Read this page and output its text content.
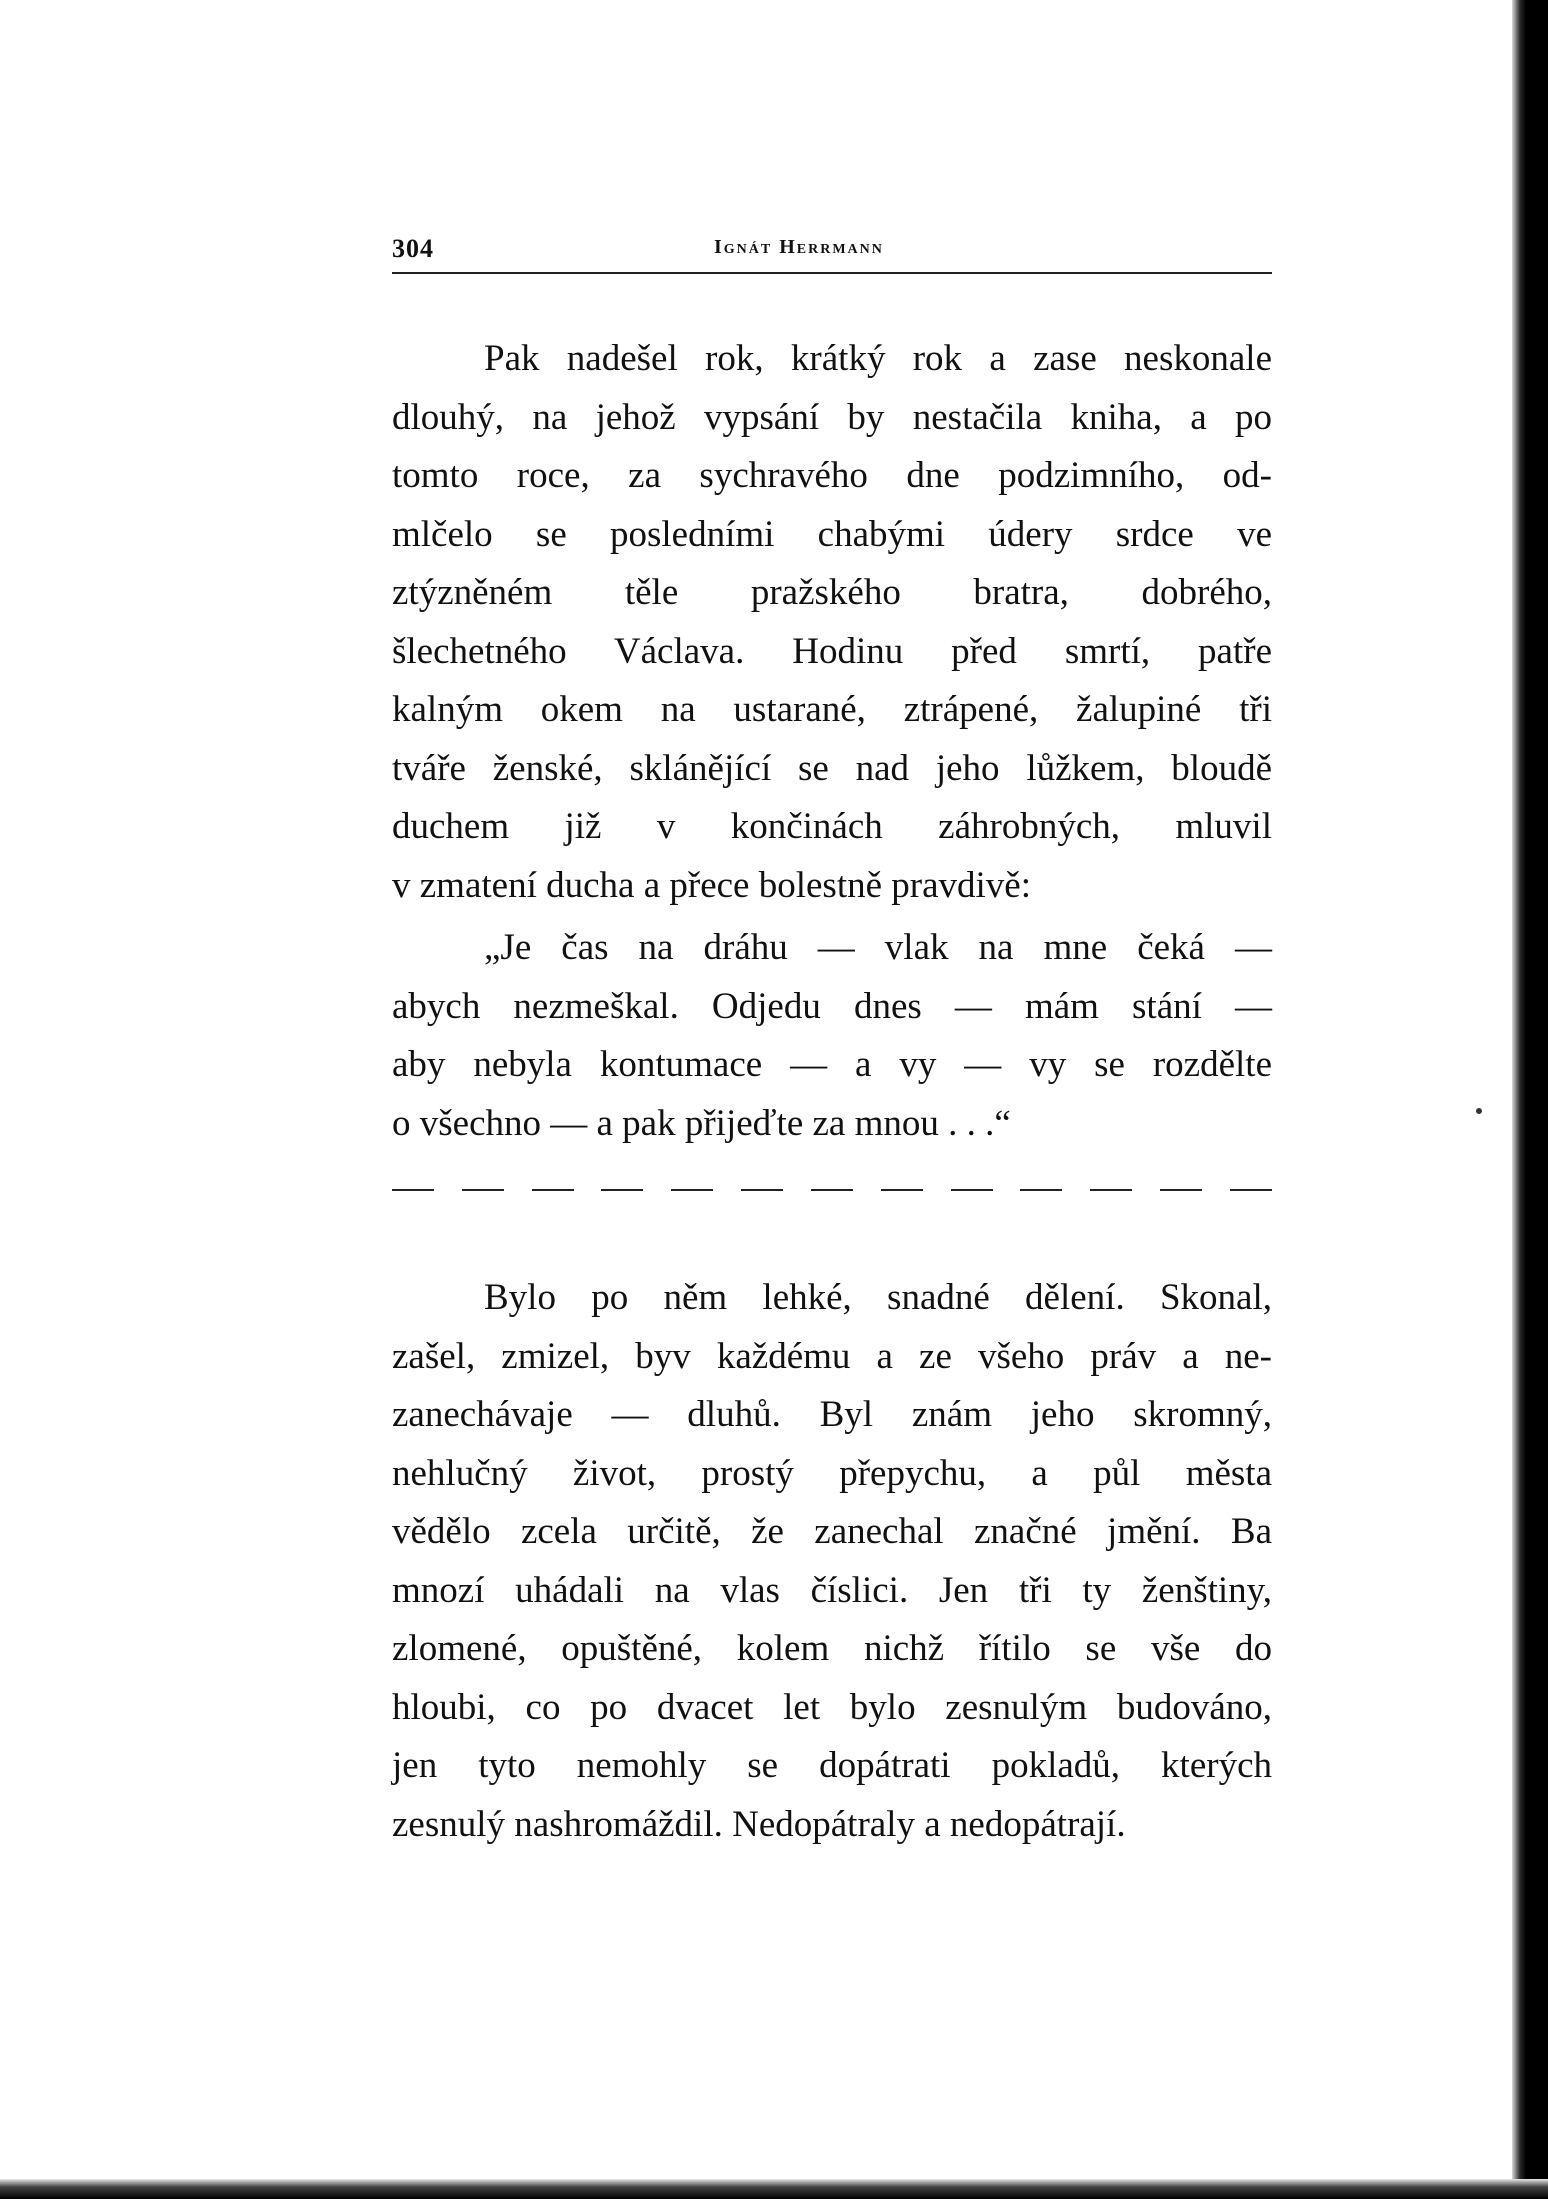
304	Ignát Herrmann

Pak nadešel rok, krátký rok a zase neskonale
dlouhý, na jehož vypsání by nestačila kniha, a po
tomto roce, za sychravého dne podzimního, od-
mlčelo se posledními chabými údery srdce ve
ztýzněném těle pražského bratra, dobrého,
šlechetného Václava. Hodinu před smrtí, patře
kalným okem na ustarané, ztrápené, žalupiné tři
tváře ženské, sklánějící se nad jeho lůžkem, bloudě
duchem již v končinách záhrobných, mluvil
v zmatení ducha a přece bolestně pravdivě:

„Je čas na dráhu — vlak na mne čeká —
abych nezmeškal. Odjedu dnes — mám stání —
aby nebyla kontumace — a vy — vy se rozdělte
o všechno — a pak přijeďte za mnou . . .“

Bylo po něm lehké, snadné dělení. Skonal,
zašel, zmizel, byv každému a ze všeho práv a ne-
zanechávaje — dluhů. Byl znám jeho skromný,
nehlučný život, prostý přepychu, a půl města
vědělo zcela určitě, že zanechal značné jmění. Ba
mnozí uhádali na vlas číslici. Jen tři ty ženštiny,
zlomené, opuštěné, kolem nichž řítilo se vše do
hloubi, co po dvacet let bylo zesnulým budováno,
jen tyto nemohly se dopátrati pokladů, kterých
zesnulý nashromáždil. Nedopátraly a nedopátrají.
